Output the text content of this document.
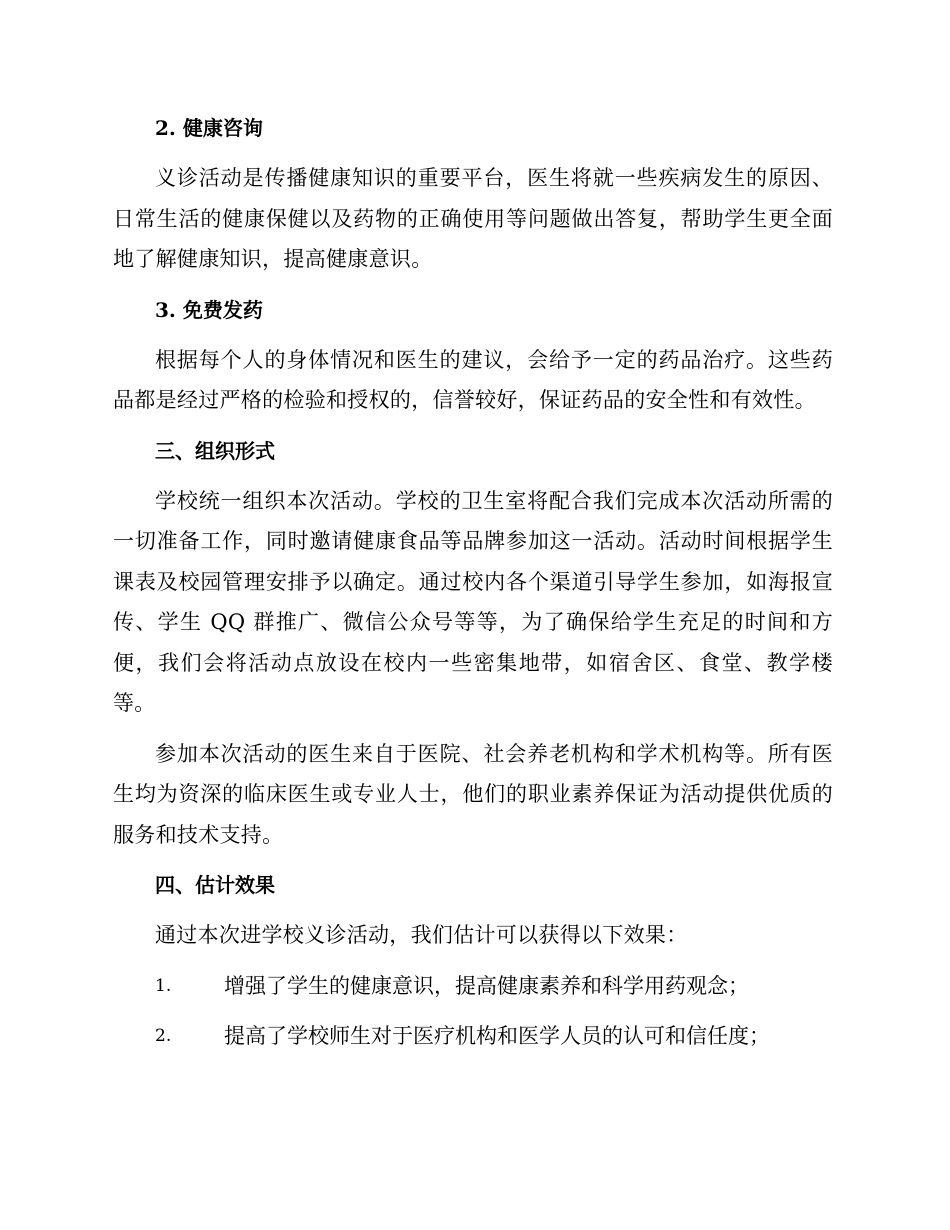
2. 健康咨询

义诊活动是传播健康知识的重要平台，医生将就一些疾病发生的原因、日常生活的健康保健以及药物的正确使用等问题做出答复，帮助学生更全面地了解健康知识，提高健康意识。

3. 免费发药

根据每个人的身体情况和医生的建议，会给予一定的药品治疗。这些药品都是经过严格的检验和授权的，信誉较好，保证药品的安全性和有效性。

三、组织形式

学校统一组织本次活动。学校的卫生室将配合我们完成本次活动所需的一切准备工作，同时邀请健康食品等品牌参加这一活动。活动时间根据学生课表及校园管理安排予以确定。通过校内各个渠道引导学生参加，如海报宣传、学生 QQ 群推广、微信公众号等等，为了确保给学生充足的时间和方便，我们会将活动点放设在校内一些密集地带，如宿舍区、食堂、教学楼等。

参加本次活动的医生来自于医院、社会养老机构和学术机构等。所有医生均为资深的临床医生或专业人士，他们的职业素养保证为活动提供优质的服务和技术支持。

四、估计效果

通过本次进学校义诊活动，我们估计可以获得以下效果：

1.	增强了学生的健康意识，提高健康素养和科学用药观念；
2.	提高了学校师生对于医疗机构和医学人员的认可和信任度；
